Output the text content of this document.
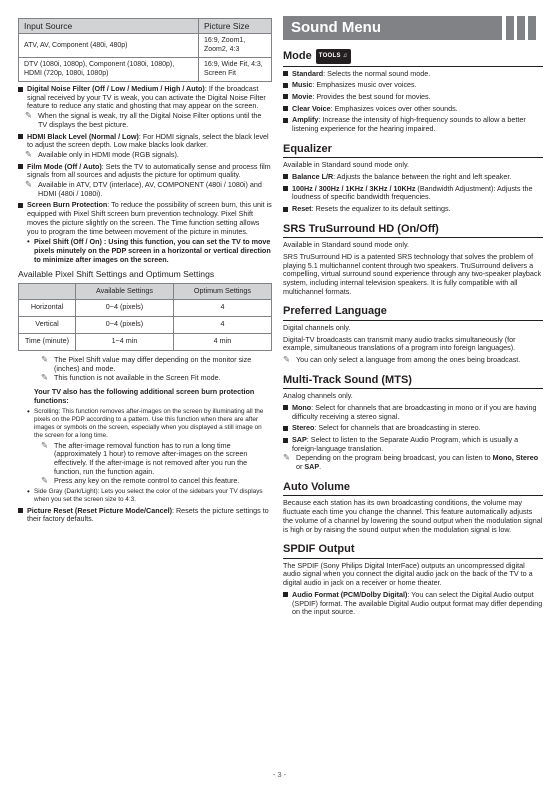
Input Source	Picture Size
ATV, AV, Component (480i, 480p)	16:9, Zoom1, Zoom2, 4:3
DTV (1080i, 1080p), Component (1080i, 1080p), HDMI (720p, 1080i, 1080p)	16:9, Wide Fit, 4:3, Screen Fit
Digital Noise Filter (Off / Low / Medium / High / Auto): If the broadcast signal received by your TV is weak, you can activate the Digital Noise Filter feature to reduce any static and ghosting that may appear on the screen.
✎ When the signal is weak, try all the Digital Noise Filter options until the TV displays the best picture.
HDMI Black Level (Normal / Low): For HDMI signals, select the black level to adjust the screen depth. Low make blacks look darker.
✎ Available only in HDMI mode (RGB signals).
Film Mode (Off / Auto): Sets the TV to automatically sense and process film signals from all sources and adjusts the picture for optimum quality.
✎ Available in ATV, DTV (interlace), AV, COMPONENT (480i / 1080i) and HDMI (480i / 1080i).
Screen Burn Protection: To reduce the possibility of screen burn, this unit is equipped with Pixel Shift screen burn prevention technology. Pixel Shift moves the picture slightly on the screen. The Time function setting allows you to program the time between movement of the picture in minutes.
• Pixel Shift (Off / On) : Using this function, you can set the TV to move pixels minutely on the PDP screen in a horizontal or vertical direction to minimize after images on the screen.
Available Pixel Shift Settings and Optimum Settings
	Available Settings	Optimum Settings
Horizontal	0~4 (pixels)	4
Vertical	0~4 (pixels)	4
Time (minute)	1~4 min	4 min
✎ The Pixel Shift value may differ depending on the monitor size (inches) and mode.
✎ This function is not available in the Screen Fit mode.
Your TV also has the following additional screen burn protection functions:
• Scrolling: This function removes after-images on the screen by illuminating all the pixels on the PDP according to a pattern. Use this function when there are after images or symbols on the screen, especially when you displayed a still image on the screen for a long time.
✎ The after-image removal function has to run a long time (approximately 1 hour) to remove after-images on the screen effectively. If the after-image is not removed after you run the function, run the function again.
✎ Press any key on the remote control to cancel this feature.
• Side Gray (Dark/Light): Lets you select the color of the sidebars your TV displays when you set the screen size to 4:3.
Picture Reset (Reset Picture Mode/Cancel): Resets the picture settings to their factory defaults.
Sound Menu
Mode TOOLS ♫
Standard: Selects the normal sound mode.
Music: Emphasizes music over voices.
Movie: Provides the best sound for movies.
Clear Voice: Emphasizes voices over other sounds.
Amplify: Increase the intensity of high-frequency sounds to allow a better listening experience for the hearing impaired.
Equalizer
Available in Standard sound mode only.
Balance L/R: Adjusts the balance between the right and left speaker.
100Hz / 300Hz / 1KHz / 3KHz / 10KHz (Bandwidth Adjustment): Adjusts the loudness of specific bandwidth frequencies.
Reset: Resets the equalizer to its default settings.
SRS TruSurround HD (On/Off)
Available in Standard sound mode only.
SRS TruSurround HD is a patented SRS technology that solves the problem of playing 5.1 multichannel content through two speakers. TruSurround delivers a compelling, virtual surround sound experience through any two-speaker playback system, including internal television speakers. It is fully compatible with all multichannel formats.
Preferred Language
Digital channels only.
Digital-TV broadcasts can transmit many audio tracks simultaneously (for example, simultaneous translations of a program into foreign languages).
✎ You can only select a language from among the ones being broadcast.
Multi-Track Sound (MTS)
Analog channels only.
Mono: Select for channels that are broadcasting in mono or if you are having difficulty receiving a stereo signal.
Stereo: Select for channels that are broadcasting in stereo.
SAP: Select to listen to the Separate Audio Program, which is usually a foreign-language translation.
✎ Depending on the program being broadcast, you can listen to Mono, Stereo or SAP.
Auto Volume
Because each station has its own broadcasting conditions, the volume may fluctuate each time you change the channel. This feature automatically adjusts the volume of a channel by lowering the sound output when the modulation signal is high or by raising the sound output when the modulation signal is low.
SPDIF Output
The SPDIF (Sony Philips Digital InterFace) outputs an uncompressed digital audio signal when you connect the digital audio jack on the back of the TV to a digital audio in jack on a receiver or home theater.
Audio Format (PCM/Dolby Digital): You can select the Digital Audio output (SPDIF) format. The available Digital Audio output format may differ depending on the input source.
- 3 -
